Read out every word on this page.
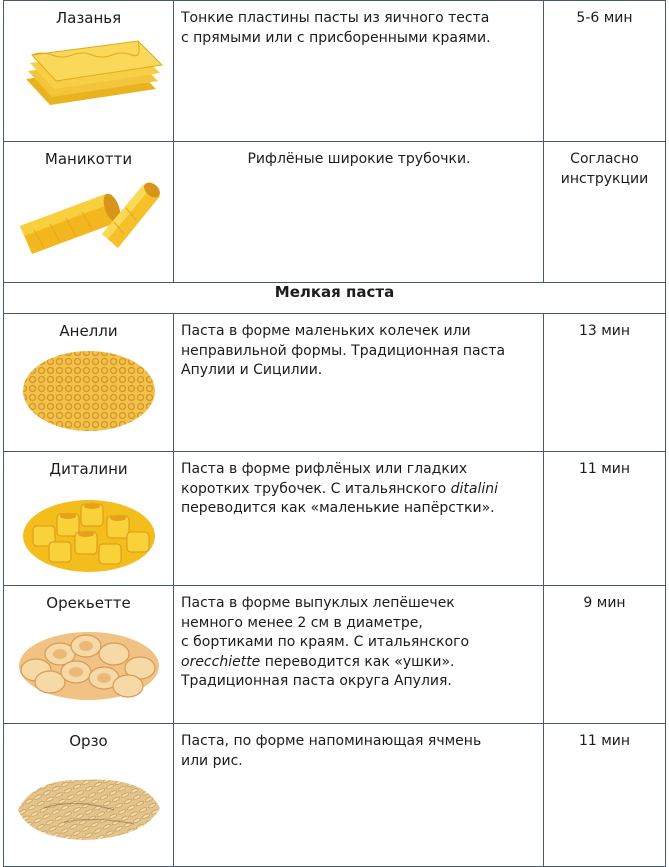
Лазанья	Тонкие пластины пасты из яичного теста
с прямыми или с присборенными краями.	5-6 мин

Маникотти	Рифлёные широкие трубочки.	Согласно
инструкции

Мелкая паста		

Анелли	Паста в форме маленьких колечек или
неправильной формы. Традиционная паста
Апулии и Сицилии.	13 мин

Диталини	Паста в форме рифлёных или гладких
коротких трубочек. С итальянского ditalini
переводится как «маленькие напёрстки».	11 мин

Орекьетте	Паста в форме выпуклых лепёшечек
немного менее 2 см в диаметре,
с бортиками по краям. С итальянского
orecchiette переводится как «ушки».
Традиционная паста округа Апулия.	9 мин

Орзо	Паста, по форме напоминающая ячмень
или рис.	11 мин
